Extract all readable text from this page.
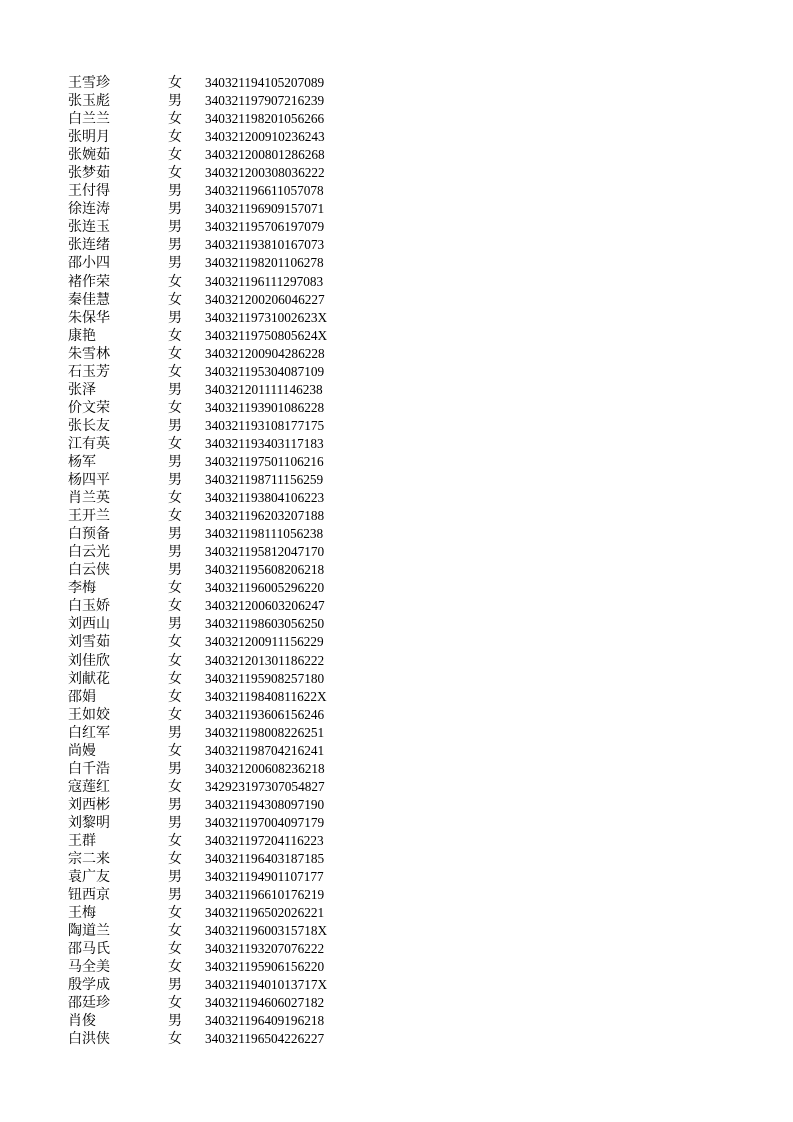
王雪珍	女 340321194105207089
张玉彪	男 340321197907216239
白兰兰	女 340321198201056266
张明月	女 340321200910236243
张婉茹	女 340321200801286268
张梦茹	女 340321200308036222
王付得	男 340321196611057078
徐连涛	男 340321196909157071
张连玉	男 340321195706197079
张连绪	男 340321193810167073
邵小四	男 340321198201106278
褚作荣	女 340321196111297083
秦佳慧	女 340321200206046227
朱保华	男 34032119731002623X
康艳	女 34032119750805624X
朱雪林	女 340321200904286228
石玉芳	女 340321195304087109
张泽	男 340321201111146238
价文荣	女 340321193901086228
张长友	男 340321193108177175
江有英	女 340321193403117183
杨军	男 340321197501106216
杨四平	男 340321198711156259
肖兰英	女 340321193804106223
王开兰	女 340321196203207188
白预备	男 340321198111056238
白云光	男 340321195812047170
白云侠	男 340321195608206218
李梅	女 340321196005296220
白玉娇	女 340321200603206247
刘西山	男 340321198603056250
刘雪茹	女 340321200911156229
刘佳欣	女 340321201301186222
刘献花	女 340321195908257180
邵娟	女 34032119840811622X
王如姣	女 340321193606156246
白红军	男 340321198008226251
尚嫚	女 340321198704216241
白千浩	男 340321200608236218
寇莲红	女 342923197307054827
刘西彬	男 340321194308097190
刘黎明	男 340321197004097179
王群	女 340321197204116223
宗二来	女 340321196403187185
袁广友	男 340321194901107177
钮西京	男 340321196610176219
王梅	女 340321196502026221
陶道兰	女 34032119600315718X
邵马氏	女 340321193207076222
马全美	女 340321195906156220
殷学成	男 34032119401013717X
邵廷珍	女 340321194606027182
肖俊	男 340321196409196218
白洪侠	女 340321196504226227
